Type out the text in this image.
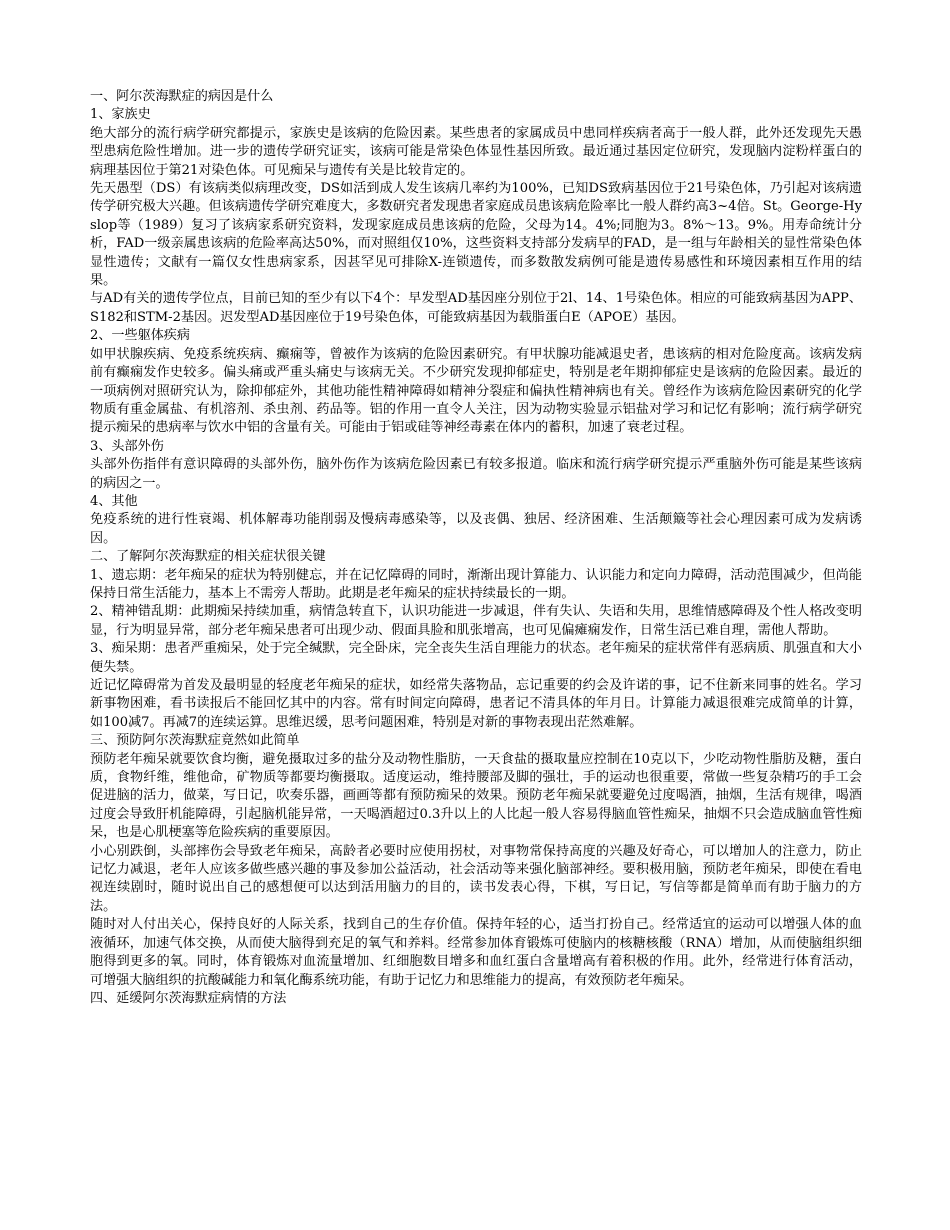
一、阿尔茨海默症的病因是什么

1、家族史

绝大部分的流行病学研究都提示，家族史是该病的危险因素。某些患者的家属成员中患同样疾病者高于一般人群，此外还发现先天愚型患病危险性增加。进一步的遗传学研究证实，该病可能是常染色体显性基因所致。最近通过基因定位研究，发现脑内淀粉样蛋白的病理基因位于第21对染色体。可见痴呆与遗传有关是比较肯定的。

先天愚型（DS）有该病类似病理改变，DS如活到成人发生该病几率约为100%，已知DS致病基因位于21号染色体，乃引起对该病遗传学研究极大兴趣。但该病遗传学研究难度大，多数研究者发现患者家庭成员患该病危险率比一般人群约高3~4倍。St。George-Hyslop等（1989）复习了该病家系研究资料，发现家庭成员患该病的危险，父母为14。4%;同胞为3。8%～13。9%。用寿命统计分析，FAD一级亲属患该病的危险率高达50%，而对照组仅10%，这些资料支持部分发病早的FAD，是一组与年龄相关的显性常染色体显性遗传；文献有一篇仅女性患病家系，因甚罕见可排除X-连锁遗传，而多数散发病例可能是遗传易感性和环境因素相互作用的结果。

与AD有关的遗传学位点，目前已知的至少有以下4个：早发型AD基因座分别位于2l、14、1号染色体。相应的可能致病基因为APP、S182和STM-2基因。迟发型AD基因座位于19号染色体，可能致病基因为载脂蛋白E（APOE）基因。

2、一些躯体疾病

如甲状腺疾病、免疫系统疾病、癫痫等，曾被作为该病的危险因素研究。有甲状腺功能减退史者，患该病的相对危险度高。该病发病前有癫痫发作史较多。偏头痛或严重头痛史与该病无关。不少研究发现抑郁症史，特别是老年期抑郁症史是该病的危险因素。最近的一项病例对照研究认为，除抑郁症外，其他功能性精神障碍如精神分裂症和偏执性精神病也有关。曾经作为该病危险因素研究的化学物质有重金属盐、有机溶剂、杀虫剂、药品等。铝的作用一直令人关注，因为动物实验显示铝盐对学习和记忆有影响；流行病学研究提示痴呆的患病率与饮水中铝的含量有关。可能由于铝或硅等神经毒素在体内的蓄积，加速了衰老过程。

3、头部外伤

头部外伤指伴有意识障碍的头部外伤，脑外伤作为该病危险因素已有较多报道。临床和流行病学研究提示严重脑外伤可能是某些该病的病因之一。

4、其他

免疫系统的进行性衰竭、机体解毒功能削弱及慢病毒感染等，以及丧偶、独居、经济困难、生活颠簸等社会心理因素可成为发病诱因。

二、了解阿尔茨海默症的相关症状很关键

1、遗忘期：老年痴呆的症状为特别健忘，并在记忆障碍的同时，渐渐出现计算能力、认识能力和定向力障碍，活动范围减少，但尚能保持日常生活能力，基本上不需旁人帮助。此期是老年痴呆的症状持续最长的一期。

2、精神错乱期：此期痴呆持续加重，病情急转直下，认识功能进一步减退，伴有失认、失语和失用，思维情感障碍及个性人格改变明显，行为明显异常，部分老年痴呆患者可出现少动、假面具脸和肌张增高，也可见偏瘫痫发作，日常生活已难自理，需他人帮助。

3、痴呆期：患者严重痴呆，处于完全缄默，完全卧床，完全丧失生活自理能力的状态。老年痴呆的症状常伴有恶病质、肌强直和大小便失禁。

近记忆障碍常为首发及最明显的轻度老年痴呆的症状，如经常失落物品，忘记重要的约会及许诺的事，记不住新来同事的姓名。学习新事物困难，看书读报后不能回忆其中的内容。常有时间定向障碍，患者记不清具体的年月日。计算能力减退很难完成简单的计算，如100减7。再减7的连续运算。思维迟缓，思考问题困难，特别是对新的事物表现出茫然难解。

三、预防阿尔茨海默症竟然如此简单

预防老年痴呆就要饮食均衡，避免摄取过多的盐分及动物性脂肪，一天食盐的摄取量应控制在10克以下，少吃动物性脂肪及糖，蛋白质，食物纤维，维他命，矿物质等都要均衡摄取。适度运动，维持腰部及脚的强壮，手的运动也很重要，常做一些复杂精巧的手工会促进脑的活力，做菜，写日记，吹奏乐器，画画等都有预防痴呆的效果。预防老年痴呆就要避免过度喝酒，抽烟，生活有规律，喝酒过度会导致肝机能障碍，引起脑机能异常，一天喝酒超过0.3升以上的人比起一般人容易得脑血管性痴呆，抽烟不只会造成脑血管性痴呆，也是心肌梗塞等危险疾病的重要原因。

小心别跌倒，头部摔伤会导致老年痴呆，高龄者必要时应使用拐杖，对事物常保持高度的兴趣及好奇心，可以增加人的注意力，防止记忆力减退，老年人应该多做些感兴趣的事及参加公益活动，社会活动等来强化脑部神经。要积极用脑，预防老年痴呆，即使在看电视连续剧时，随时说出自己的感想便可以达到活用脑力的目的，读书发表心得，下棋，写日记，写信等都是简单而有助于脑力的方法。

随时对人付出关心，保持良好的人际关系，找到自己的生存价值。保持年轻的心，适当打扮自己。经常适宜的运动可以增强人体的血液循环，加速气体交换，从而使大脑得到充足的氧气和养料。经常参加体育锻炼可使脑内的核糖核酸（RNA）增加，从而使脑组织细胞得到更多的氧。同时，体育锻炼对血流量增加、红细胞数目增多和血红蛋白含量增高有着积极的作用。此外，经常进行体育活动，可增强大脑组织的抗酸碱能力和氧化酶系统功能，有助于记忆力和思维能力的提高，有效预防老年痴呆。

四、延缓阿尔茨海默症病情的方法
